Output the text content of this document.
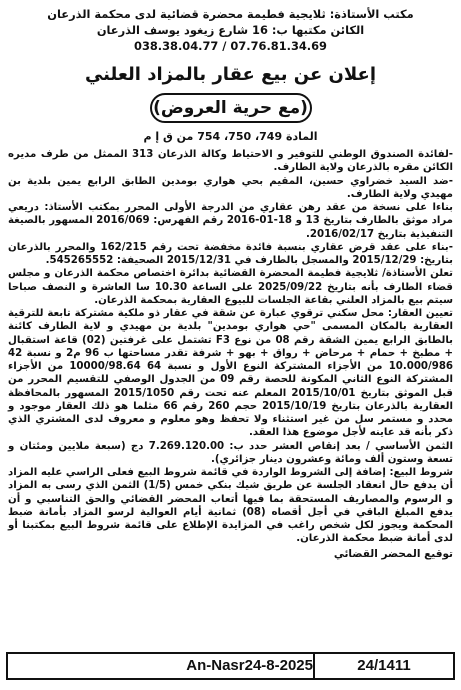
مكتب الأستاذة: ثلايجية فطيمة محضرة قضائية لدى محكمة الذرعان
الكائن مكتبها ب: 16 شارع زيغود يوسف الذرعان
038.38.04.77 / 07.76.81.34.69
إعلان عن بيع عقار بالمزاد العلني
(مع حرية العروض)
المادة 749، 750، 754 من ق إ م

-لفائدة الصندوق الوطني للتوفير و الاحتياط وكالة الذرعان 313 الممثل من طرف مديره الكائن مقره بالذرعان ولاية الطارف.

-ضد السيد خضراوي حسين، المقيم بحي هواري بومدين الطابق الرابع يمين بلدية بن مهيدي ولاية الطارف.

بناءا على نسخة من عقد رهن عقاري من الدرجة الأولى المحرر بمكتب الأستاذ: دريعي مراد موثق بالطارف بتاريخ 13 و 18-01-2016 رقم الفهرس: 2016/069 المسهور بالصيغة التنفيذية بتاريخ 2016/02/17.

-بناء على عقد قرض عقاري بنسبة فائدة مخفضة تحت رقم 162/215 والمحرر بالذرعان بتاريخ: 2015/12/29 والمسجل بالطارف في 2015/12/31 الصحيفة: 545265552.

تعلن الأستاذة/ ثلايجية فطيمة المحضرة القضائية بدائرة اختصاص محكمة الذرعان و مجلس قضاء الطارف بأنه بتاريخ 2025/09/22 على الساعة 10.30 سا العاشرة و النصف صباحا سيتم بيع بالمزاد العلني بقاعة الجلسات للبيوع العقارية بمحكمة الذرعان.

تعيين العقار: محل سكني ترقوي عبارة عن شقة في عقار ذو ملكية مشتركة تابعة للترقية العقارية بالمكان المسمى "حي هواري بومدين" بلدية بن مهيدي و لاية الطارف كائنة بالطابق الرابع يمين الشقة رقم 08 من نوع F3 تشتمل على غرفتين (02) قاعة استقبال + مطبخ + حمام + مرحاض + رواق + بهو + شرفة تقدر مساحتها ب 96 م2 و نسبة 42 10.000/986 من الأجزاء المشتركة النوع الأول و نسبة 64 10000/98.64 من الأجزاء المشتركة النوع الثاني المكونة للحصة رقم 09 من الجدول الوصفي للتقسيم المحرر من قبل الموثق بتاريخ 2015/10/01 المعلم عنه تحت رقم 2015/1050 المسهور بالمحافظة العقارية بالذرعان بتاريخ 2015/10/19 حجم 260 رقم 66 مثلما هو ذلك العقار موجود و محدد و مستمر سل من غير استثناء ولا تحفظ وهو معلوم و معروف لدى المشتري الذي ذكر بأنه قد عاينه لأجل موضوع هذا العقد.

الثمن الأساسي / بعد إنقاص العشر حدد ب: 7.269.120.00 دج (سبعة ملايين ومئتان و تسعة وستون ألف ومائة وعشرون دينار جزائري).

شروط البيع: إضافة إلى الشروط الواردة في قائمة شروط البيع فعلى الراسي عليه المزاد أن يدفع حال انعقاد الجلسة عن طريق شيك بنكي خمس (1/5) الثمن الذي رسى به المزاد و الرسوم والمصاريف المستحقة بما فيها أتعاب المحضر القضائي والحق التناسبي و أن يدفع المبلغ الباقي في أجل أقصاه (08) ثمانية أيام العوالية لرسو المزاد بأمانة ضبط المحكمة ويجوز لكل شخص راغب في المزايدة الإطلاع على قائمة شروط البيع بمكتبنا أو لدى أمانة ضبط محكمة الذرعان.

توقيع المحضر القضائي
An-Nasr24-8-2025	24/1411
